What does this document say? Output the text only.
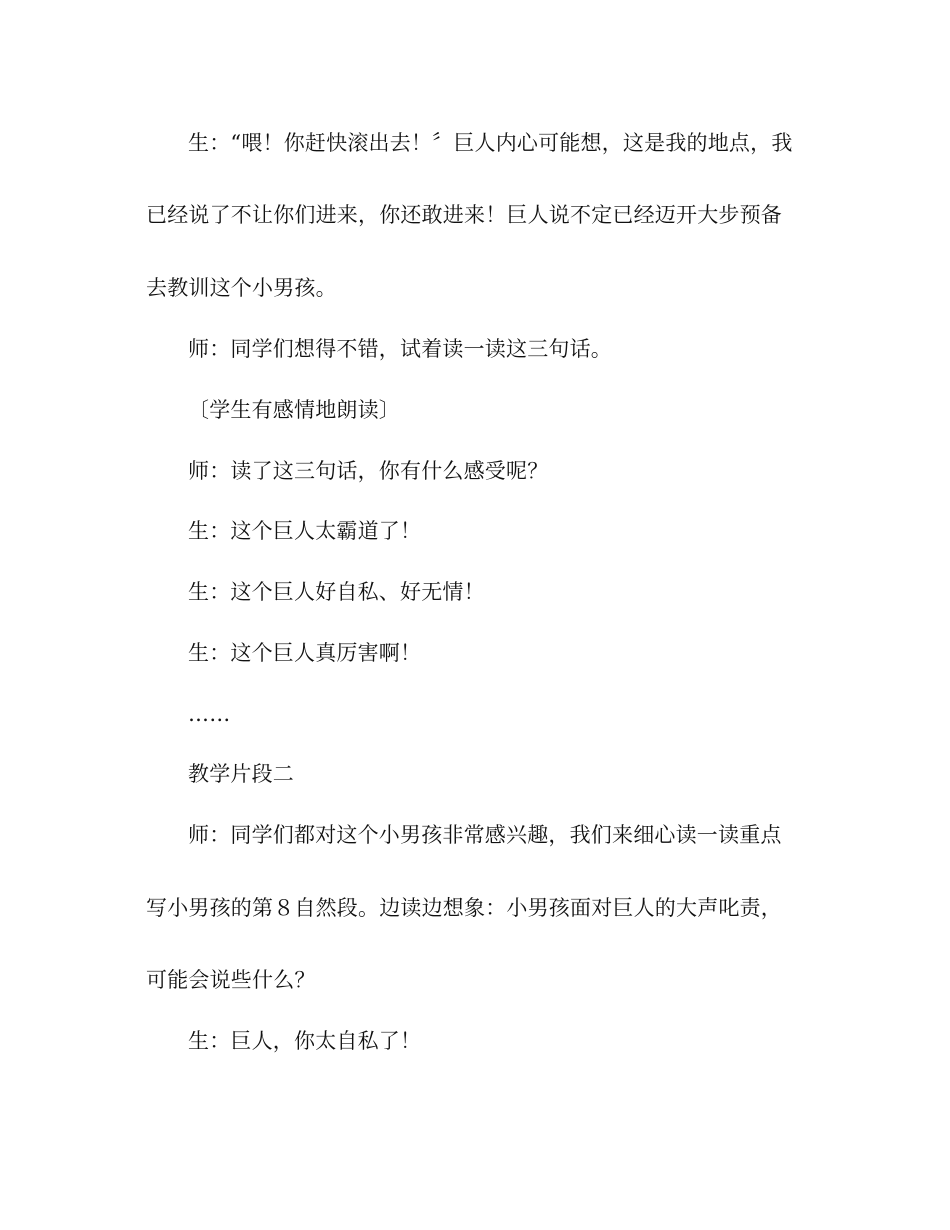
生：“喂！你赶快滚出去！〞巨人内心可能想，这是我的地点，我

已经说了不让你们进来，你还敢进来！巨人说不定已经迈开大步预备

去教训这个小男孩。

师：同学们想得不错，试着读一读这三句话。

〔学生有感情地朗读〕

师：读了这三句话，你有什么感受呢？

生：这个巨人太霸道了！

生：这个巨人好自私、好无情！

生：这个巨人真厉害啊！

……

教学片段二

师：同学们都对这个小男孩非常感兴趣，我们来细心读一读重点

写小男孩的第８自然段。边读边想象：小男孩面对巨人的大声叱责，

可能会说些什么？

生：巨人，你太自私了！
